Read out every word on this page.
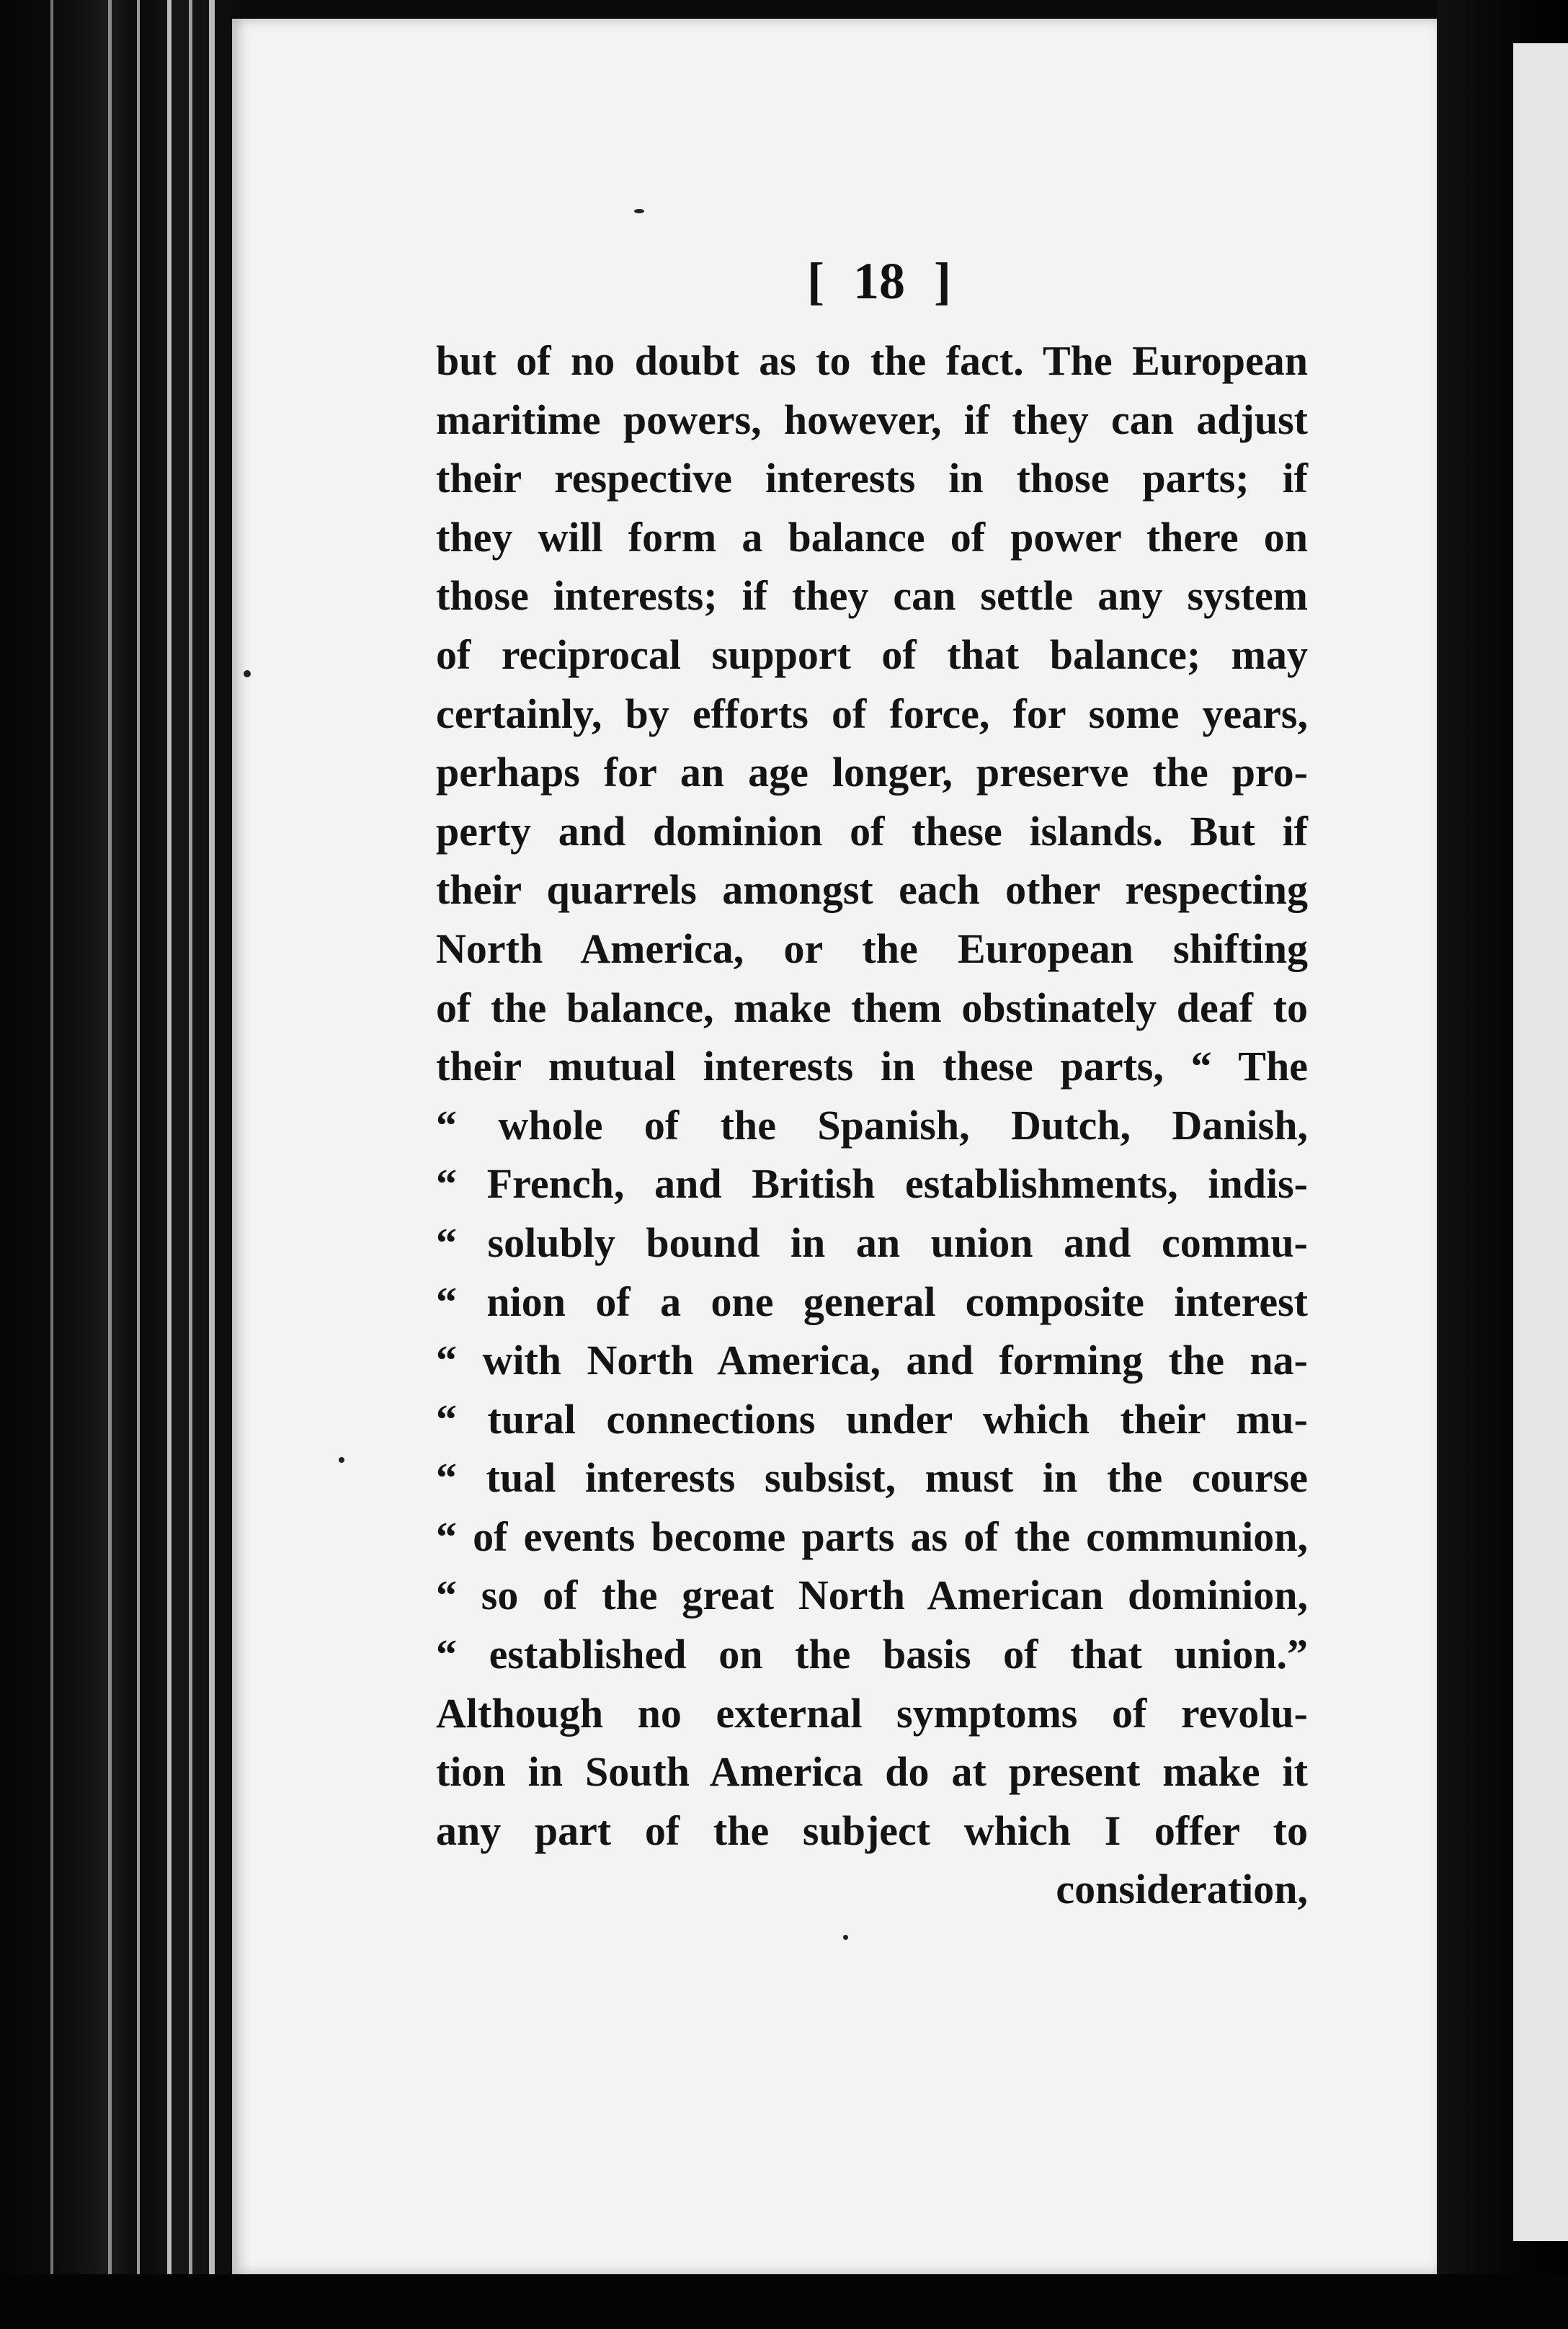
[ 18 ]
but of no doubt as to the fact. The European
maritime powers, however, if they can adjust
their respective interests in those parts; if
they will form a balance of power there on
those interests; if they can settle any system
of reciprocal support of that balance; may
certainly, by efforts of force, for some years,
perhaps for an age longer, preserve the pro-
perty and dominion of these islands. But if
their quarrels amongst each other respecting
North America, or the European shifting
of the balance, make them obstinately deaf to
their mutual interests in these parts, “ The
“ whole of the Spanish, Dutch, Danish,
“ French, and British establishments, indis-
“ solubly bound in an union and commu-
“ nion of a one general composite interest
“ with North America, and forming the na-
“ tural connections under which their mu-
“ tual interests subsist, must in the course
“ of events become parts as of the communion,
“ so of the great North American dominion,
“ established on the basis of that union.”
Although no external symptoms of revolu-
tion in South America do at present make it
any part of the subject which I offer to
consideration,
